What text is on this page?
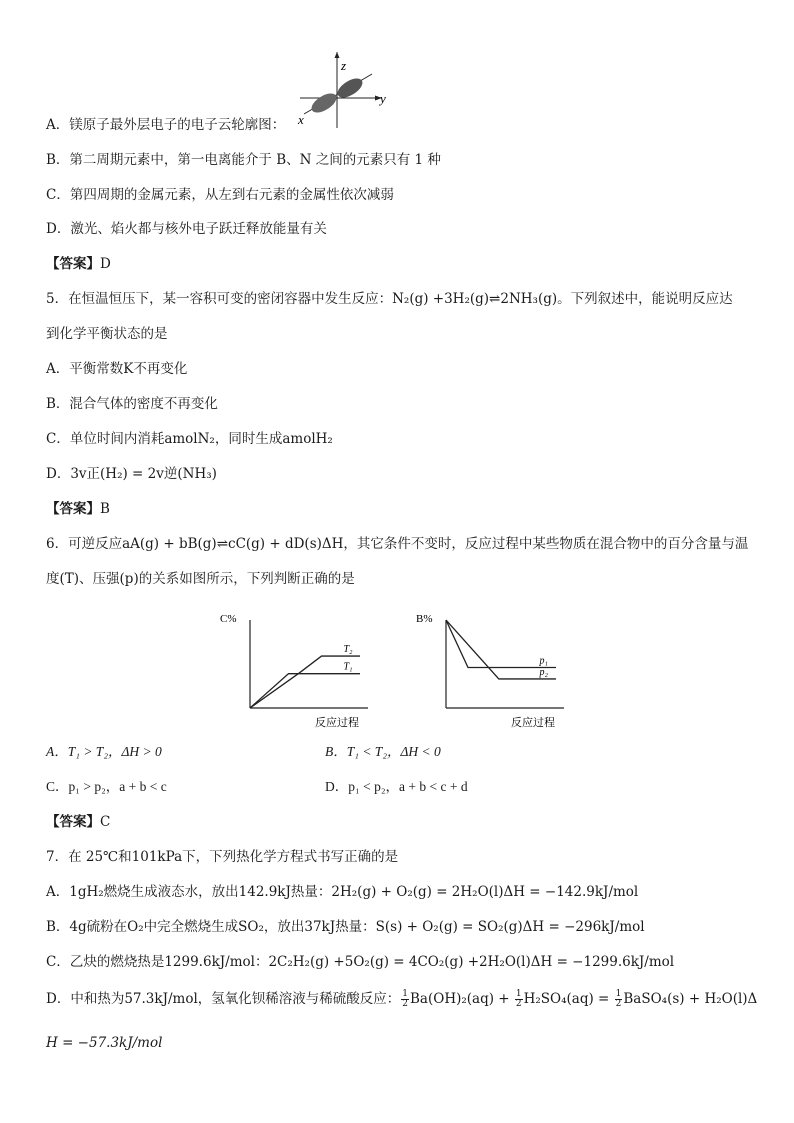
z
y
x
A．镁原子最外层电子的电子云轮廓图：
B．第二周期元素中，第一电离能介于 B、N 之间的元素只有 1 种
C．第四周期的金属元素，从左到右元素的金属性依次减弱
D．激光、焰火都与核外电子跃迁释放能量有关
【答案】D
5．在恒温恒压下，某一容积可变的密闭容器中发生反应：N₂(g) +3H₂(g)⇌2NH₃(g)。下列叙述中，能说明反应达
到化学平衡状态的是
A．平衡常数K不再变化
B．混合气体的密度不再变化
C．单位时间内消耗amolN₂，同时生成amolH₂
D．3v正(H₂) = 2v逆(NH₃)
【答案】B
6．可逆反应aA(g) + bB(g)⇌cC(g) + dD(s)ΔH，其它条件不变时，反应过程中某些物质在混合物中的百分含量与温
度(T)、压强(p)的关系如图所示，下列判断正确的是
C%
反应过程
T₂
T₁
B%
反应过程
p₁
p₂
A．T₁ > T₂，ΔH > 0	B．T₁ < T₂，ΔH < 0
C．p₁ > p₂，a + b < c	D．p₁ < p₂，a + b < c + d
【答案】C
7．在 25℃和101kPa下，下列热化学方程式书写正确的是
A．1gH₂燃烧生成液态水，放出142.9kJ热量：2H₂(g) + O₂(g) = 2H₂O(l)ΔH = −142.9kJ/mol
B．4g硫粉在O₂中完全燃烧生成SO₂，放出37kJ热量：S(s) + O₂(g) = SO₂(g)ΔH = −296kJ/mol
C．乙炔的燃烧热是1299.6kJ/mol：2C₂H₂(g) +5O₂(g) = 4CO₂(g) +2H₂O(l)ΔH = −1299.6kJ/mol
D．中和热为57.3kJ/mol，氢氧化钡稀溶液与稀硫酸反应： $\frac{1}{2} Ba(OH)_2(aq) + \frac{1}{2} H_2SO_4(aq) = \frac{1}{2}$ BaSO₄(s) + H₂O(l)Δ
H = −57.3kJ/mol
